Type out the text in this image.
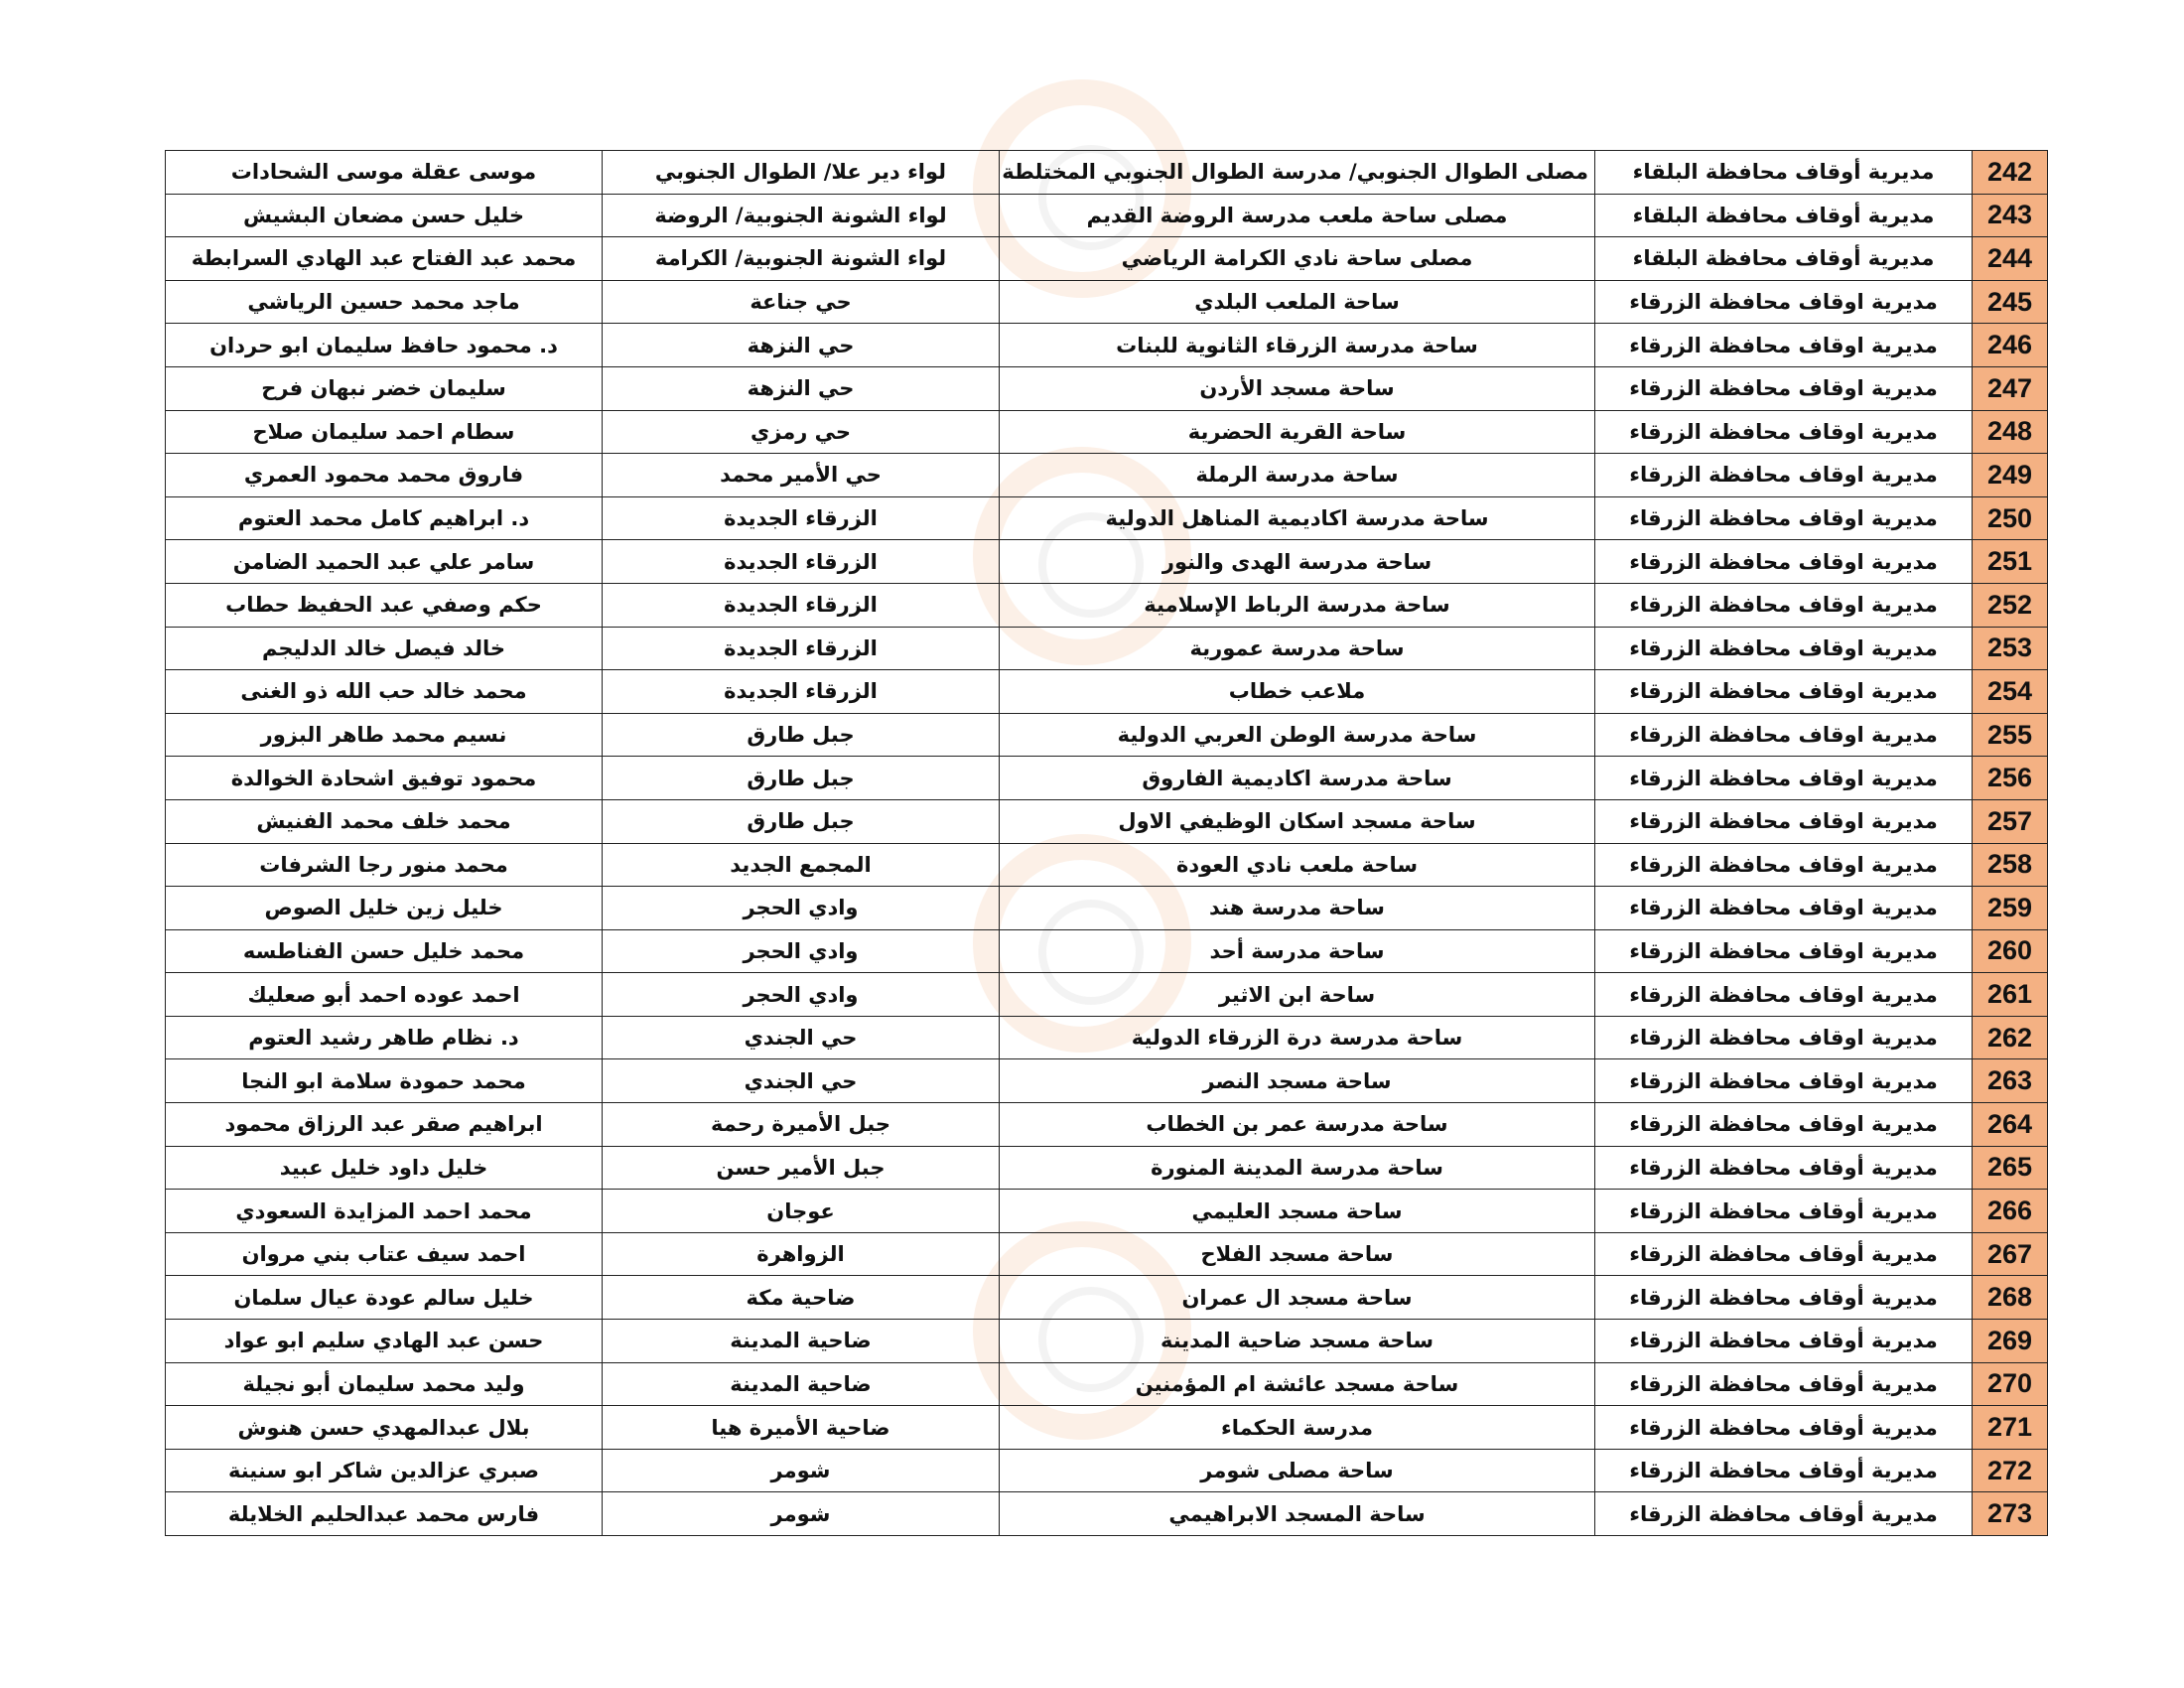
242	مديرية أوقاف محافظة البلقاء	مصلى الطوال الجنوبي/ مدرسة الطوال الجنوبي المختلطة	لواء دير علا/ الطوال الجنوبي	موسى عقلة موسى الشحادات
243	مديرية أوقاف محافظة البلقاء	مصلى ساحة ملعب مدرسة الروضة القديم	لواء الشونة الجنوبية/ الروضة	خليل حسن مضعان البشيش
244	مديرية أوقاف محافظة البلقاء	مصلى ساحة نادي الكرامة الرياضي	لواء الشونة الجنوبية/ الكرامة	محمد عبد الفتاح عبد الهادي السرابطة
245	مديرية اوقاف محافظة الزرقاء	ساحة الملعب البلدي	حي جناعة	ماجد محمد حسين الرياشي
246	مديرية اوقاف محافظة الزرقاء	ساحة مدرسة الزرقاء الثانوية للبنات	حي النزهة	د. محمود حافظ سليمان ابو حردان
247	مديرية اوقاف محافظة الزرقاء	ساحة مسجد الأردن	حي النزهة	سليمان خضر نبهان فرح
248	مديرية اوقاف محافظة الزرقاء	ساحة القرية الحضرية	حي رمزي	سطام احمد سليمان صلاح
249	مديرية اوقاف محافظة الزرقاء	ساحة مدرسة الرملة	حي الأمير محمد	فاروق محمد محمود العمري
250	مديرية اوقاف محافظة الزرقاء	ساحة مدرسة اكاديمية المناهل الدولية	الزرقاء الجديدة	د. ابراهيم كامل محمد العتوم
251	مديرية اوقاف محافظة الزرقاء	ساحة مدرسة الهدى والنور	الزرقاء الجديدة	سامر علي عبد الحميد الضامن
252	مديرية اوقاف محافظة الزرقاء	ساحة مدرسة الرباط الإسلامية	الزرقاء الجديدة	حكم وصفي عبد الحفيظ حطاب
253	مديرية اوقاف محافظة الزرقاء	ساحة مدرسة عمورية	الزرقاء الجديدة	خالد فيصل خالد الدليجم
254	مديرية اوقاف محافظة الزرقاء	ملاعب خطاب	الزرقاء الجديدة	محمد خالد حب الله ذو الغنى
255	مديرية اوقاف محافظة الزرقاء	ساحة مدرسة الوطن العربي الدولية	جبل طارق	نسيم محمد طاهر البزور
256	مديرية اوقاف محافظة الزرقاء	ساحة مدرسة اكاديمية الفاروق	جبل طارق	محمود توفيق اشحادة الخوالدة
257	مديرية اوقاف محافظة الزرقاء	ساحة مسجد اسكان الوظيفي الاول	جبل طارق	محمد خلف محمد الفنيش
258	مديرية اوقاف محافظة الزرقاء	ساحة ملعب نادي العودة	المجمع الجديد	محمد منور رجا الشرفات
259	مديرية اوقاف محافظة الزرقاء	ساحة مدرسة هند	وادي الحجر	خليل زين خليل الصوص
260	مديرية اوقاف محافظة الزرقاء	ساحة مدرسة أحد	وادي الحجر	محمد خليل حسن الفناطسه
261	مديرية اوقاف محافظة الزرقاء	ساحة ابن الاثير	وادي الحجر	احمد عوده احمد أبو صعليك
262	مديرية اوقاف محافظة الزرقاء	ساحة مدرسة درة الزرقاء الدولية	حي الجندي	د. نظام طاهر رشيد العتوم
263	مديرية اوقاف محافظة الزرقاء	ساحة مسجد النصر	حي الجندي	محمد حمودة سلامة ابو النجا
264	مديرية اوقاف محافظة الزرقاء	ساحة مدرسة عمر بن الخطاب	جبل الأميرة رحمة	ابراهيم صقر عبد الرزاق محمود
265	مديرية أوقاف محافظة الزرقاء	ساحة مدرسة المدينة المنورة	جبل الأمير حسن	خليل داود خليل عبيد
266	مديرية أوقاف محافظة الزرقاء	ساحة مسجد العليمي	عوجان	محمد احمد المزايدة السعودي
267	مديرية أوقاف محافظة الزرقاء	ساحة مسجد الفلاح	الزواهرة	احمد سيف عتاب بني مروان
268	مديرية أوقاف محافظة الزرقاء	ساحة مسجد ال عمران	ضاحية مكة	خليل سالم عودة عيال سلمان
269	مديرية أوقاف محافظة الزرقاء	ساحة مسجد ضاحية المدينة	ضاحية المدينة	حسن عبد الهادي سليم ابو عواد
270	مديرية أوقاف محافظة الزرقاء	ساحة مسجد عائشة ام المؤمنين	ضاحية المدينة	وليد محمد سليمان أبو نجيلة
271	مديرية أوقاف محافظة الزرقاء	مدرسة الحكماء	ضاحية الأميرة هيا	بلال عبدالمهدي حسن هنوش
272	مديرية أوقاف محافظة الزرقاء	ساحة مصلى شومر	شومر	صبري عزالدين شاكر ابو سنينة
273	مديرية أوقاف محافظة الزرقاء	ساحة المسجد الابراهيمي	شومر	فارس محمد عبدالحليم الخلايلة
